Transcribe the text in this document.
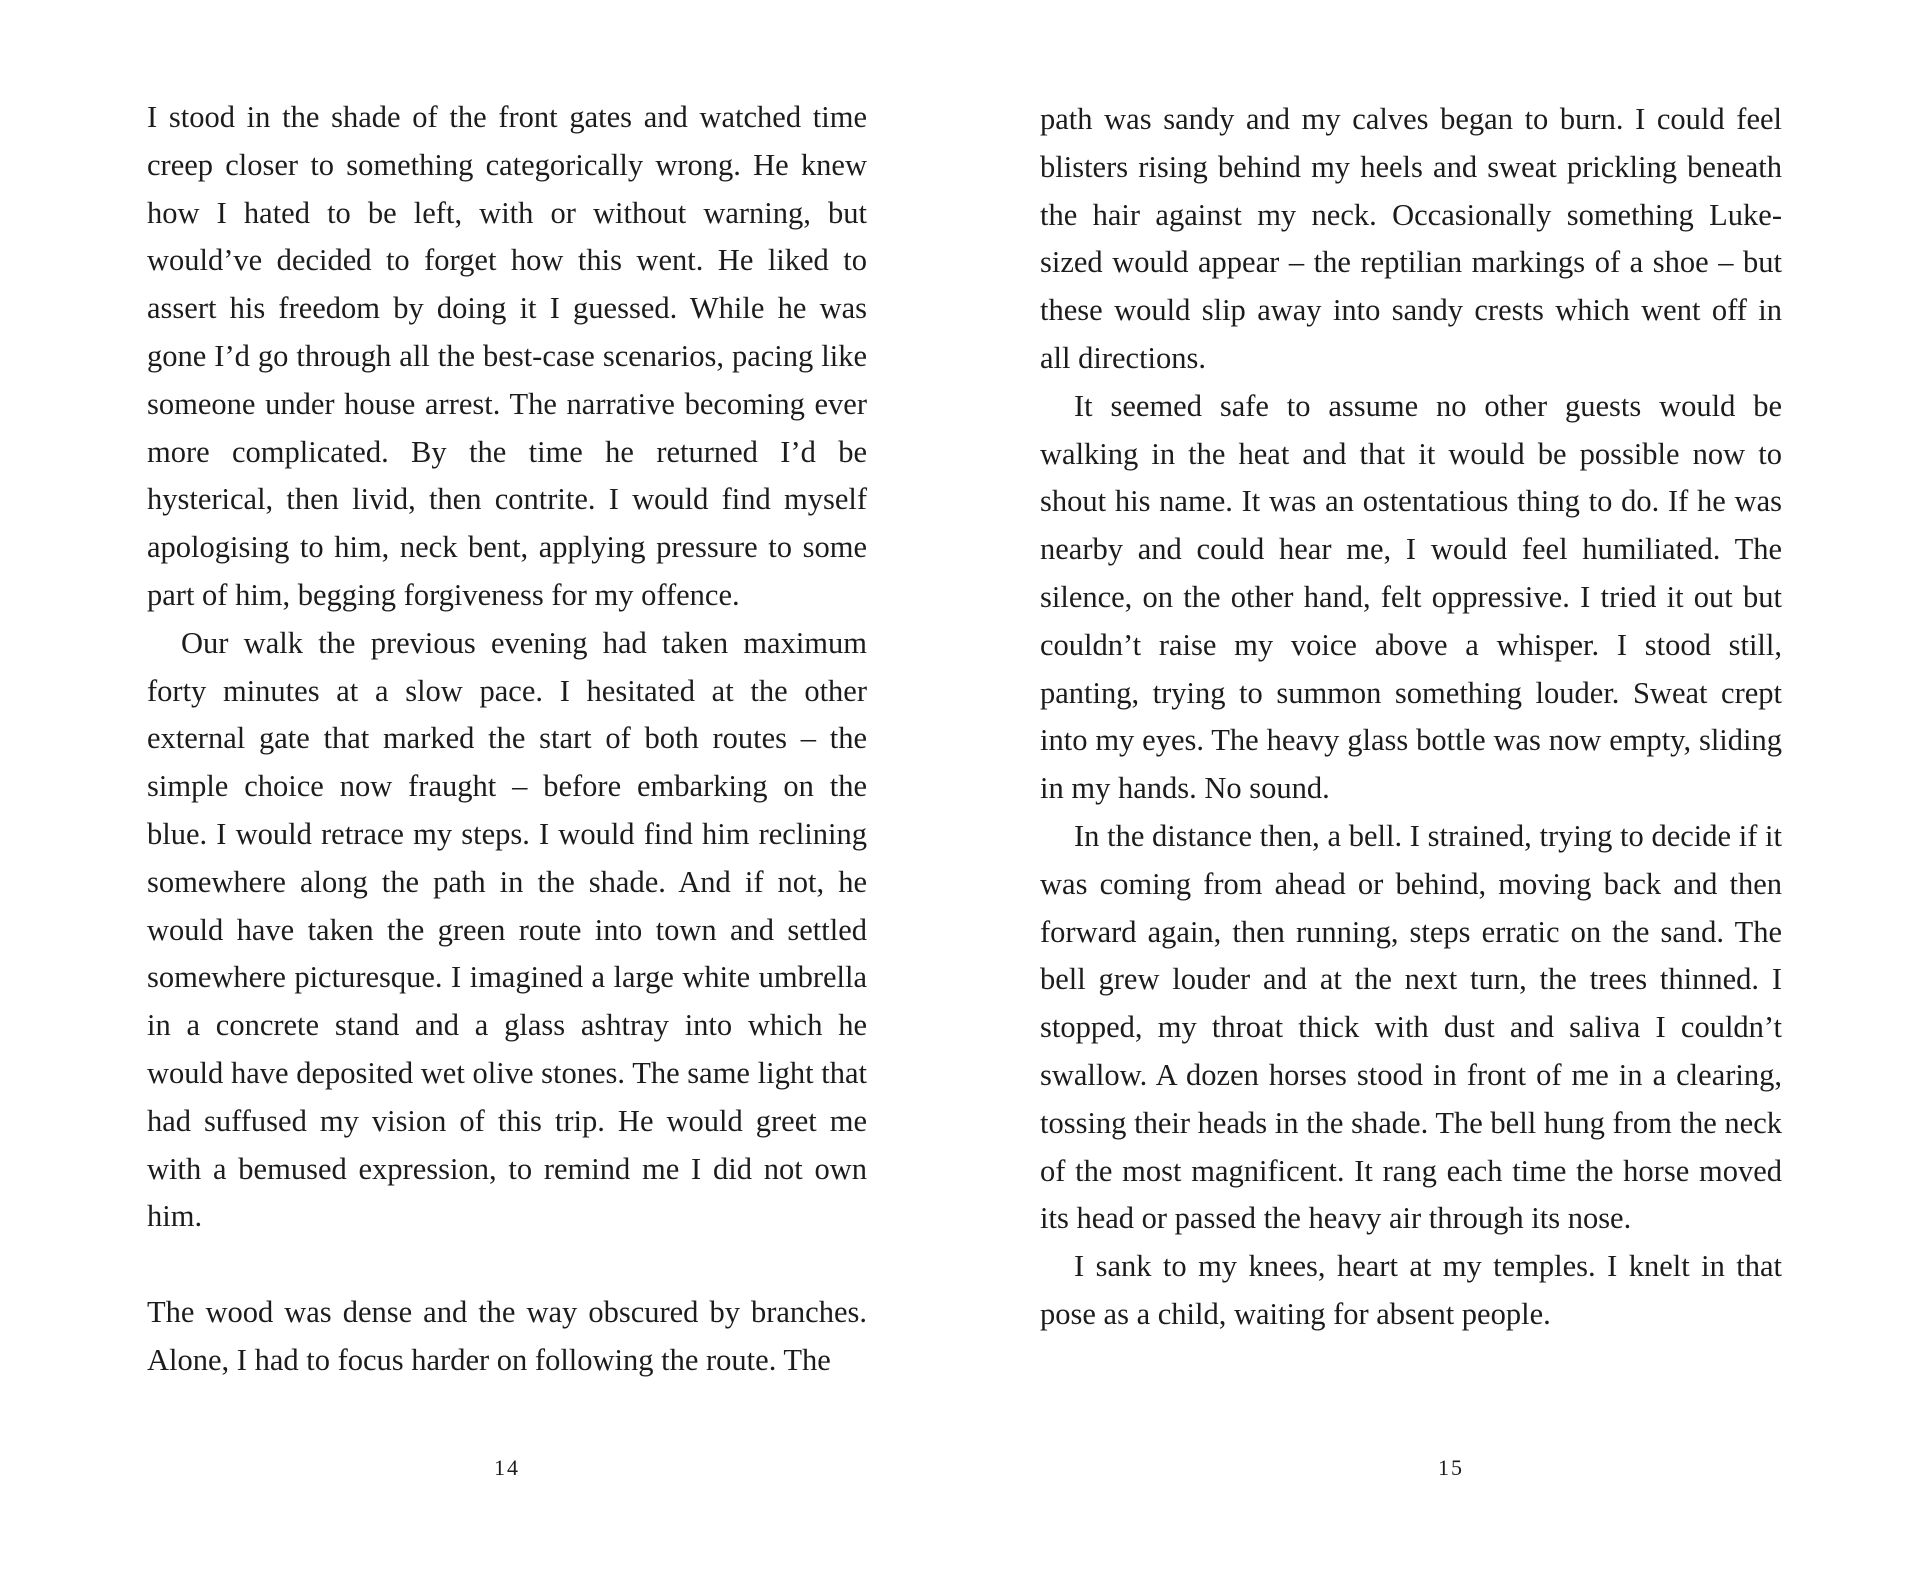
I stood in the shade of the front gates and watched time creep closer to something categorically wrong. He knew how I hated to be left, with or without warning, but would’ve decided to forget how this went. He liked to assert his freedom by doing it I guessed. While he was gone I’d go through all the best-case scenarios, pacing like someone under house arrest. The narrative becoming ever more complicated. By the time he returned I’d be hysterical, then livid, then contrite. I would find myself apologising to him, neck bent, applying pressure to some part of him, begging forgiveness for my offence.

Our walk the previous evening had taken maximum forty minutes at a slow pace. I hesitated at the other external gate that marked the start of both routes – the simple choice now fraught – before embarking on the blue. I would retrace my steps. I would find him reclining somewhere along the path in the shade. And if not, he would have taken the green route into town and settled somewhere picturesque. I imagined a large white umbrella in a concrete stand and a glass ashtray into which he would have deposited wet olive stones. The same light that had suffused my vision of this trip. He would greet me with a bemused expression, to remind me I did not own him.

The wood was dense and the way obscured by branches. Alone, I had to focus harder on following the route. The

14

path was sandy and my calves began to burn. I could feel blisters rising behind my heels and sweat prickling beneath the hair against my neck. Occasionally something Luke-sized would appear – the reptilian markings of a shoe – but these would slip away into sandy crests which went off in all directions.

It seemed safe to assume no other guests would be walking in the heat and that it would be possible now to shout his name. It was an ostentatious thing to do. If he was nearby and could hear me, I would feel humiliated. The silence, on the other hand, felt oppressive. I tried it out but couldn’t raise my voice above a whisper. I stood still, panting, trying to summon something louder. Sweat crept into my eyes. The heavy glass bottle was now empty, sliding in my hands. No sound.

In the distance then, a bell. I strained, trying to decide if it was coming from ahead or behind, moving back and then forward again, then running, steps erratic on the sand. The bell grew louder and at the next turn, the trees thinned. I stopped, my throat thick with dust and saliva I couldn’t swallow. A dozen horses stood in front of me in a clearing, tossing their heads in the shade. The bell hung from the neck of the most magnificent. It rang each time the horse moved its head or passed the heavy air through its nose.

I sank to my knees, heart at my temples. I knelt in that pose as a child, waiting for absent people.

15
